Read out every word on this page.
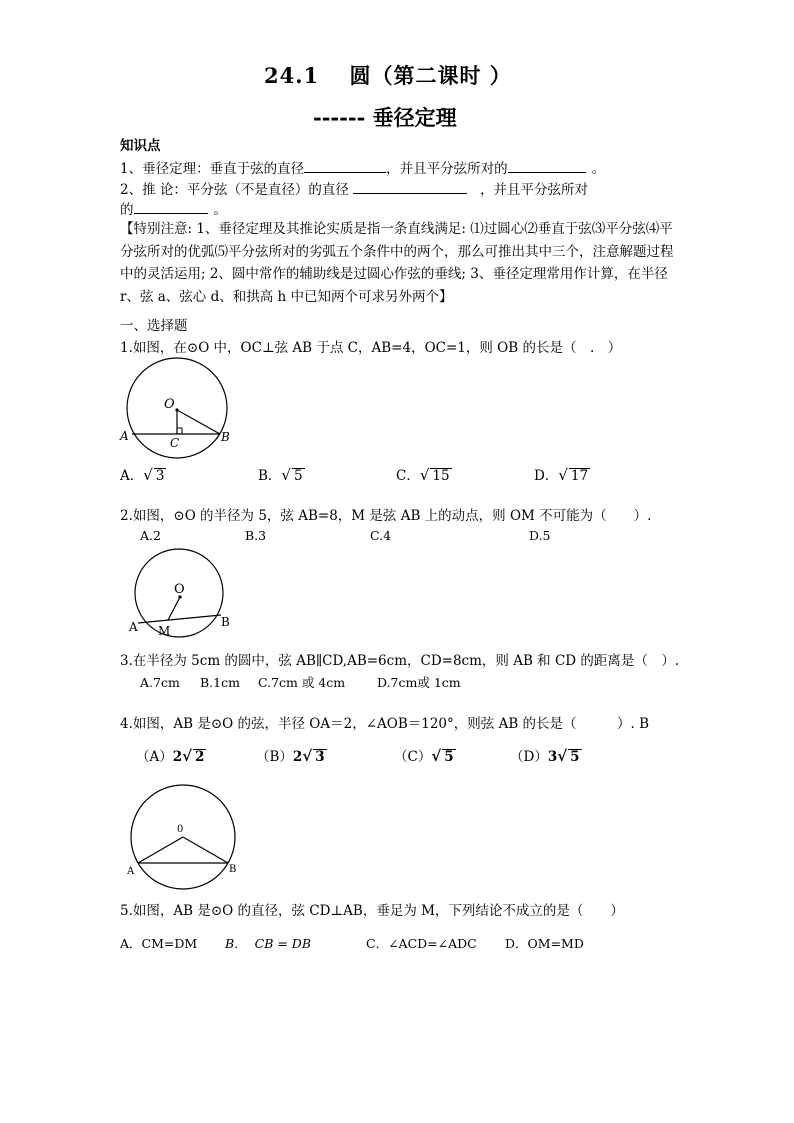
24.1　 圆（第二课时 ）
------ 垂径定理
知识点
1、垂径定理：垂直于弦的直径	，并且平分弦所对的	。
2、推 论：平分弦（不是直径）的直径	，并且平分弦所对
的	。
【特别注意: 1、垂径定理及其推论实质是指一条直线满足: ⑴过圆心⑵垂直于弦⑶平分弦⑷平分弦所对的优弧⑸平分弦所对的劣弧五个条件中的两个，那么可推出其中三个，注意解题过程中的灵活运用; 2、圆中常作的辅助线是过圆心作弦的垂线; 3、垂径定理常用作计算，在半径 r、弦 a、弦心 d、和拱高 h 中已知两个可求另外两个】
一、选择题
1.如图，在⊙O 中，OC⊥弦 AB 于点 C，AB=4，OC=1，则 OB 的长是（　.　）
O
A	B
C
A．√ 3	B．√ 5	C．√ 15	D．√ 17
2.如图，⊙O 的半径为 5，弦 AB=8，M 是弦 AB 上的动点，则 OM 不可能为（　　）.
A.2	B.3	C.4	D.5
O
A	B
M
3.在半径为 5cm 的圆中，弦 AB∥CD,AB=6cm，CD=8cm，则 AB 和 CD 的距离是（　）.
A.7cm B.1cm C.7cm 或 4cm	D.7cm或 1cm
4.如图，AB 是⊙O 的弦，半径 OA＝2，∠AOB＝120°，则弦 AB 的长是（　　　）. B
（A）2√ 2	（B）2√ 3	（C）√ 5	（D）3√ 5
0
A	B
5.如图，AB 是⊙O 的直径，弦 CD⊥AB，垂足为 M，下列结论不成立的是（　　）
A．CM=DM B．  CB = DB	C．∠ACD=∠ADC D．OM=MD
